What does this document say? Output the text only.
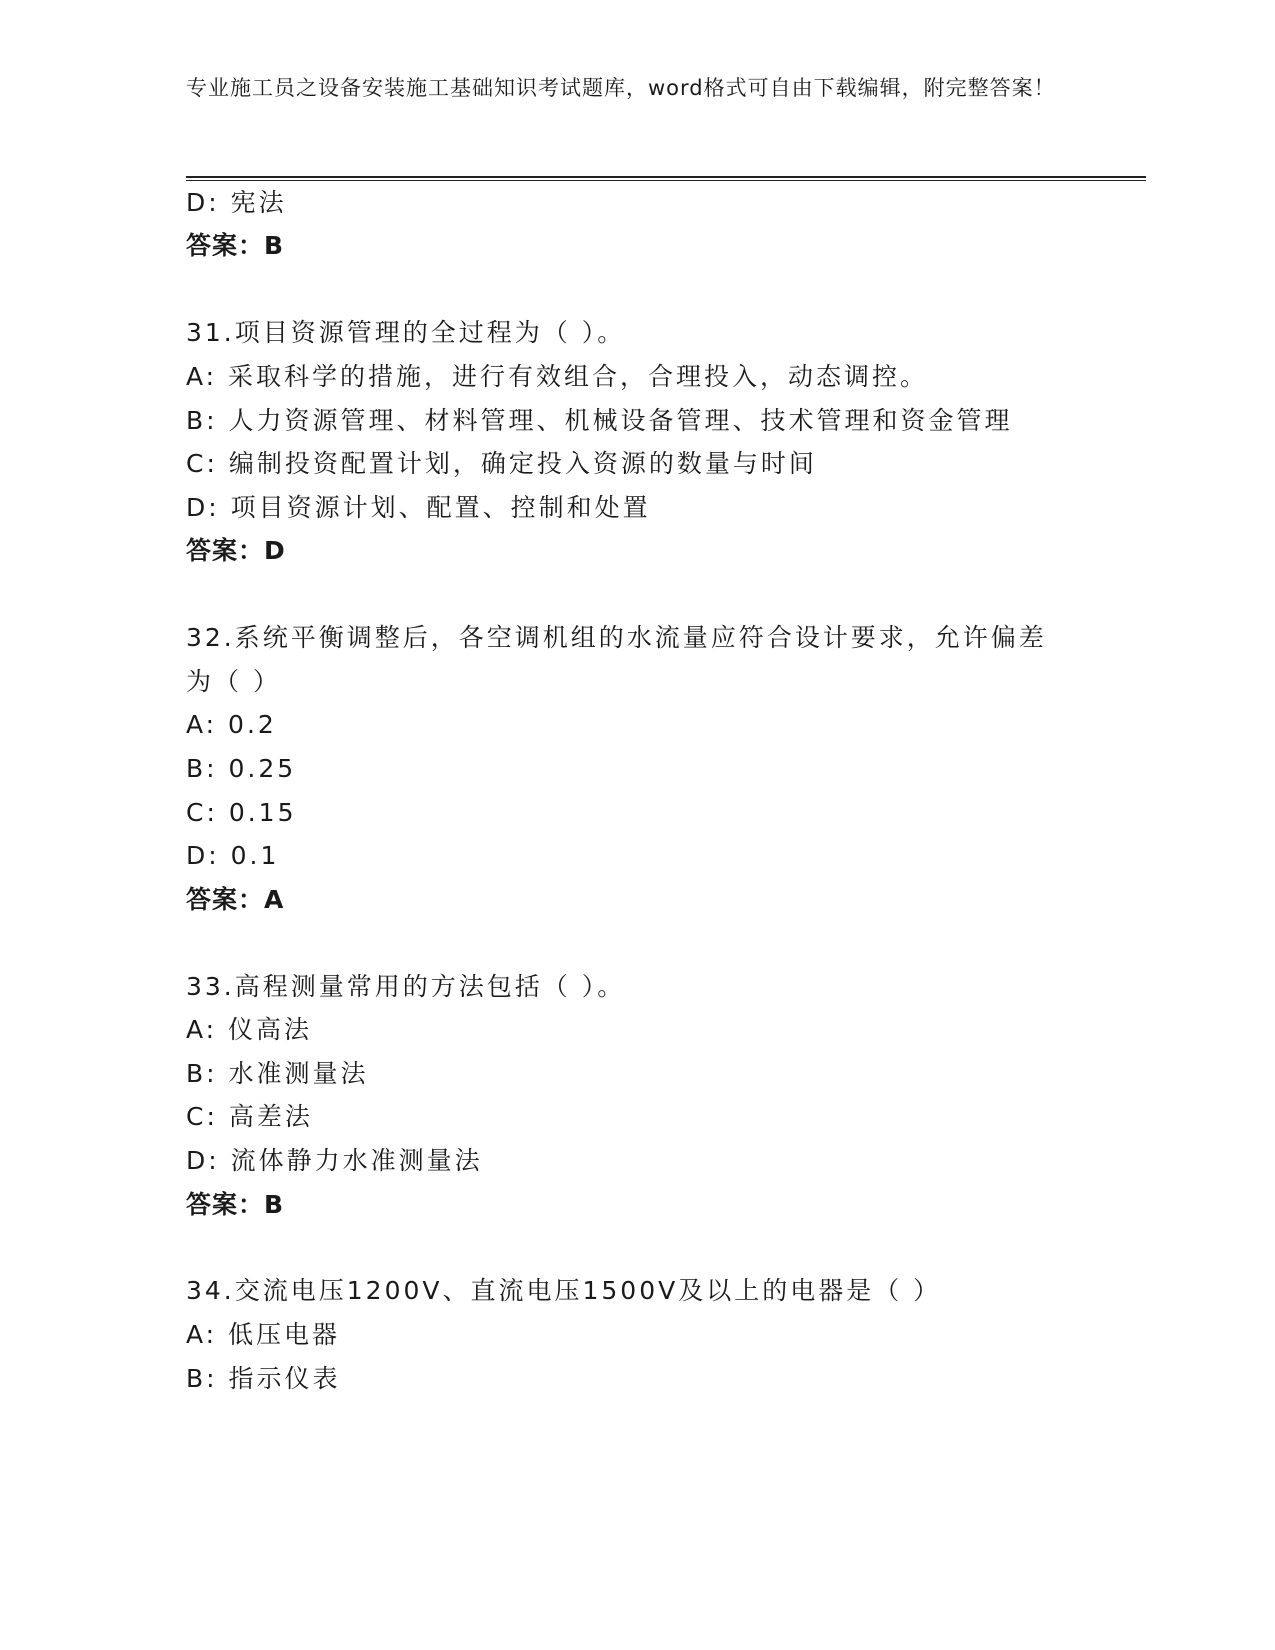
专业施工员之设备安装施工基础知识考试题库，word格式可自由下载编辑，附完整答案！
D: 宪法
答案：B
31.项目资源管理的全过程为（ ）。
A: 采取科学的措施，进行有效组合，合理投入，动态调控。
B: 人力资源管理、材料管理、机械设备管理、技术管理和资金管理
C: 编制投资配置计划，确定投入资源的数量与时间
D: 项目资源计划、配置、控制和处置
答案：D
32.系统平衡调整后，各空调机组的水流量应符合设计要求，允许偏差
为（ ）
A: 0.2
B: 0.25
C: 0.15
D: 0.1
答案：A
33.高程测量常用的方法包括（ ）。
A: 仪高法
B: 水准测量法
C: 高差法
D: 流体静力水准测量法
答案：B
34.交流电压1200V、直流电压1500V及以上的电器是（ ）
A: 低压电器
B: 指示仪表
